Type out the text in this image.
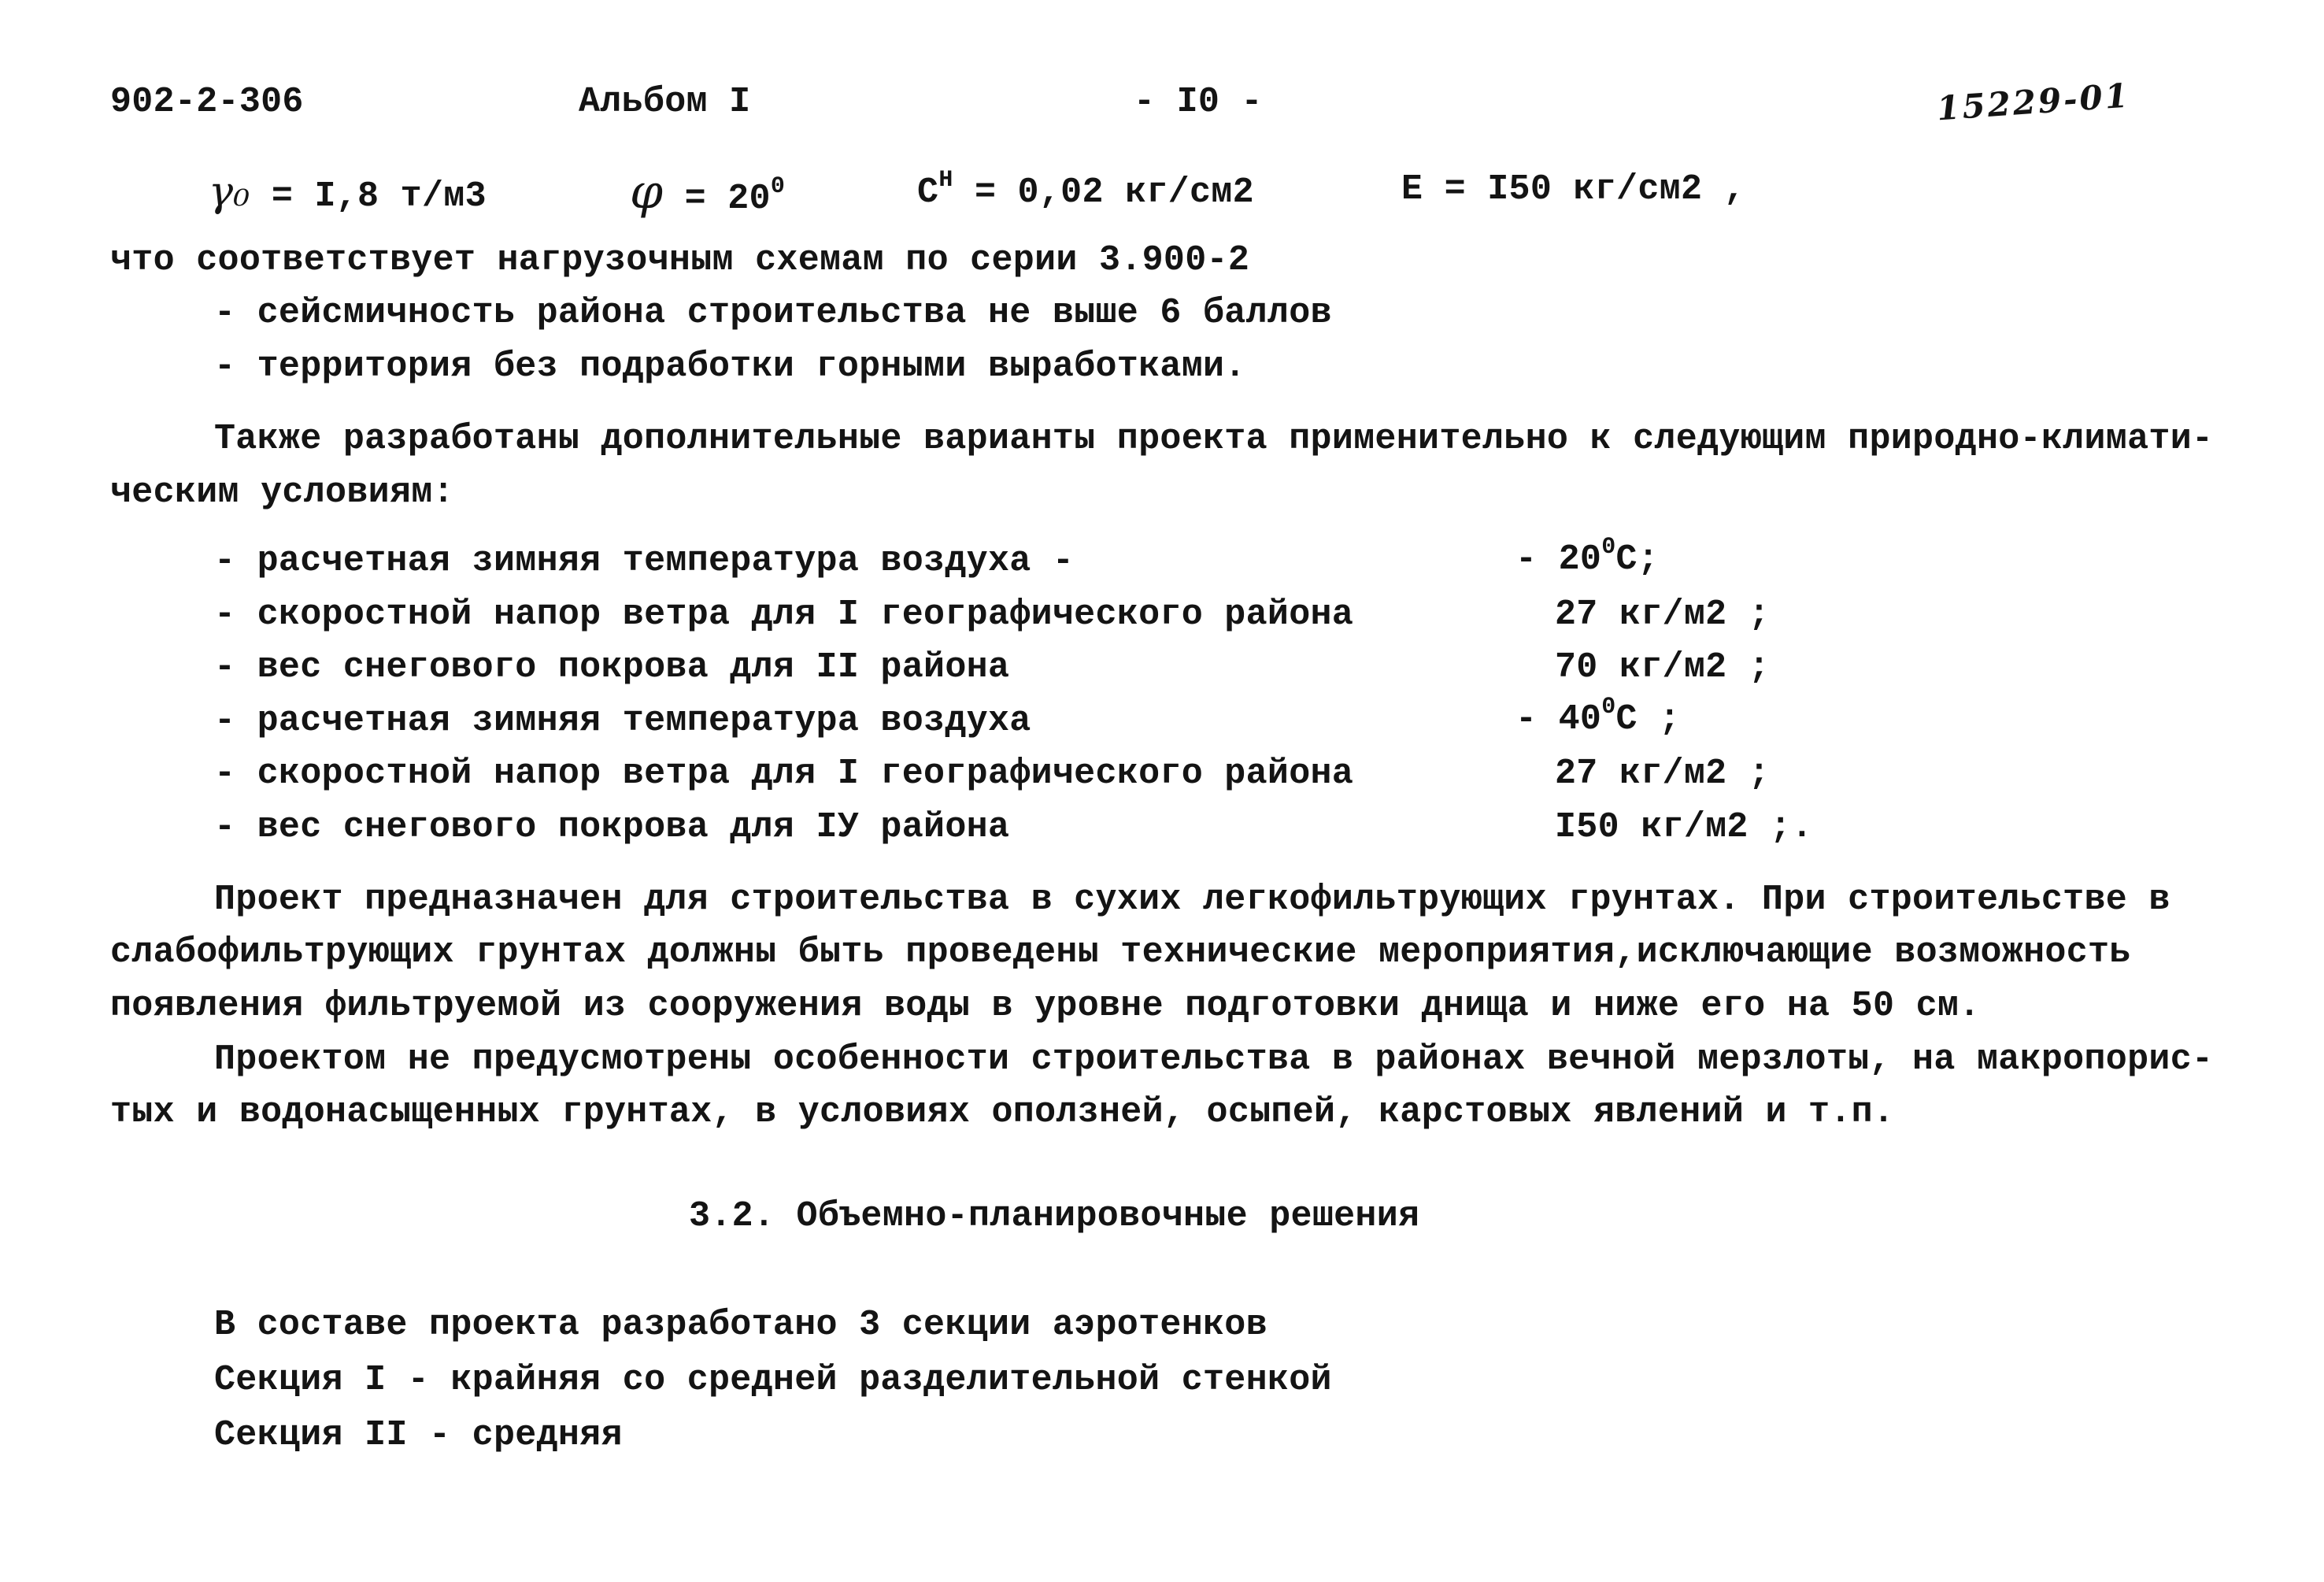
902-2-306	Альбом I	- I0 -	15229-01
γ₀ = I,8 т/м3	$\varphi = 20^0$	$C^H = 0,02$ кг/см2	E = I50 кг/см2 ,
что соответствует нагрузочным схемам по серии 3.900-2
- сейсмичность района строительства не выше 6 баллов
- территория без подработки горными выработками.
Также разработаны дополнительные варианты проекта применительно к следующим природно-климати-
ческим условиям:
- расчетная зимняя температура воздуха -	- $20^0C$;
- скоростной напор ветра для I географического района	27 кг/м2 ;
- вес снегового покрова для II района	70 кг/м2 ;
- расчетная зимняя температура воздуха	- $40^0C$ ;
- скоростной напор ветра для I географического района	27 кг/м2 ;
- вес снегового покрова для IУ района	I50 кг/м2 ;.
Проект предназначен для строительства в сухих легкофильтрующих грунтах. При строительстве в
слабофильтрующих грунтах должны быть проведены технические мероприятия,исключающие возможность
появления фильтруемой из сооружения воды в уровне подготовки днища и ниже его на 50 см.
Проектом не предусмотрены особенности строительства в районах вечной мерзлоты, на макропорис-
тых и водонасыщенных грунтах, в условиях оползней, осыпей, карстовых явлений и т.п.
3.2. Объемно-планировочные решения
В составе проекта разработано 3 секции аэротенков
Секция I - крайняя со средней разделительной стенкой
Секция II - средняя
